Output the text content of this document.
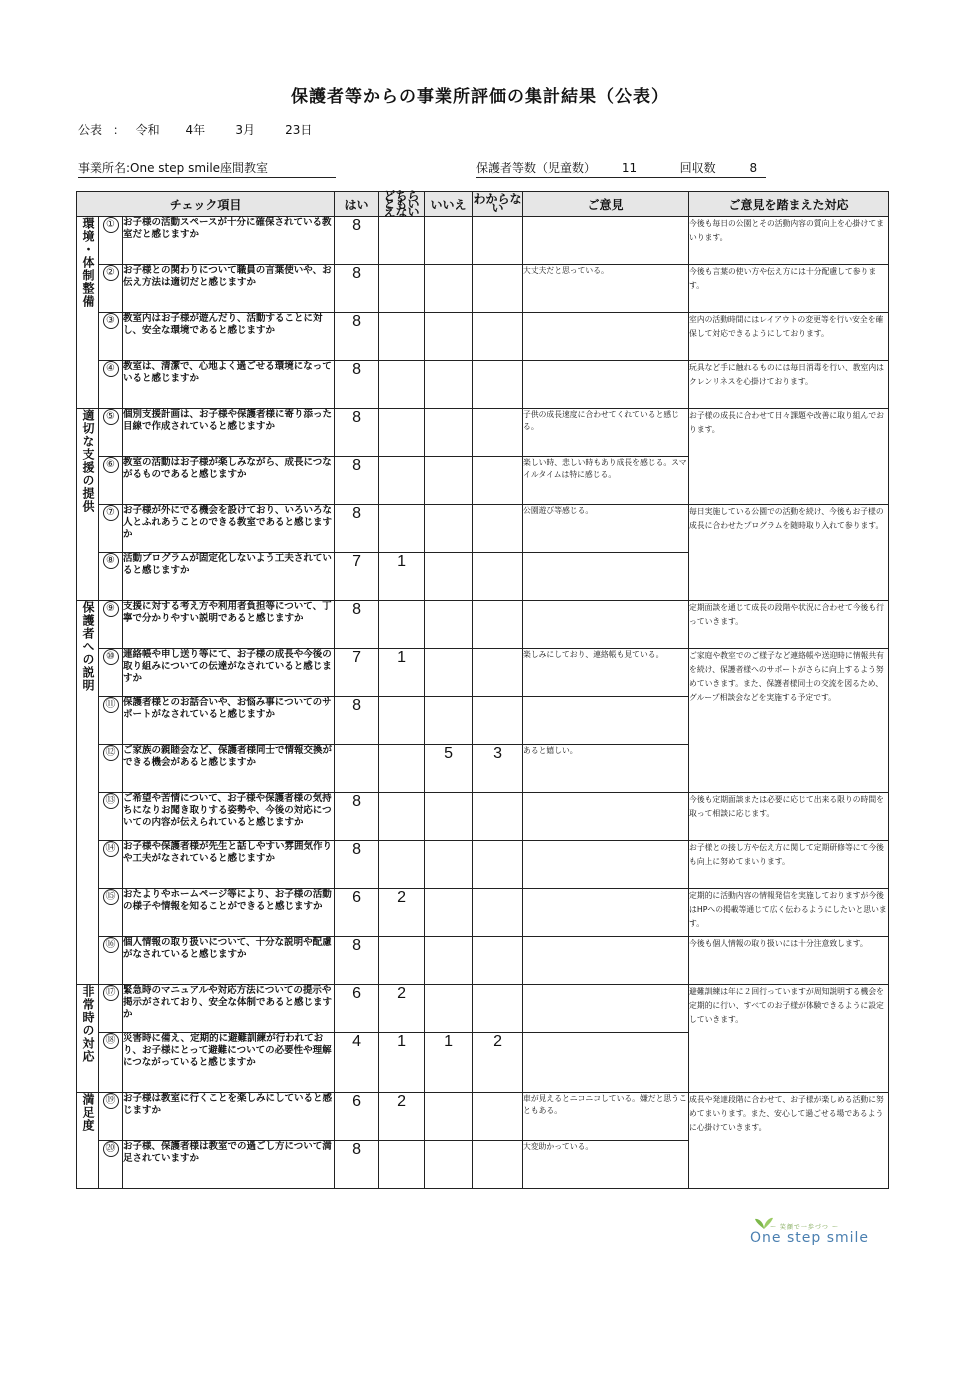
保護者等からの事業所評価の集計結果（公表）
公表 ： 令和 4年	3月	23日
事業所名:One step smile座間教室	保護者等数（児童数） 11	回収数	8
チェック項目			はい	どちらともいえない	いいえ	わからない	ご意見	ご意見を踏まえた対応
環境・体制整備	①	お子様の活動スペースが十分に確保されている教室だと感じますか	8					今後も毎日の公園とその活動内容の質向上を心掛けてまいります。
	②	お子様との関わりについて職員の言葉使いや、お伝え方法は適切だと感じますか	8				大丈夫だと思っている。	今後も言葉の使い方や伝え方には十分配慮して参ります。
	③	教室内はお子様が遊んだり、活動することに対し、安全な環境であると感じますか	8					室内の活動時間にはレイアウトの変更等を行い安全を確保して対応できるようにしております。
	④	教室は、清潔で、心地よく過ごせる環境になっていると感じますか	8					玩具など手に触れるものには毎日消毒を行い、教室内はクレンリネスを心掛けております。
適切な支援の提供	⑤	個別支援計画は、お子様や保護者様に寄り添った目線で作成されていると感じますか	8				子供の成長速度に合わせてくれていると感じる。	お子様の成長に合わせて日々課題や改善に取り組んでおります。
	⑥	教室の活動はお子様が楽しみながら、成長につながるものであると感じますか	8				楽しい時、悲しい時もあり成長を感じる。スマイルタイムは特に感じる。	
	⑦	お子様が外にでる機会を設けており、いろいろな人とふれあうことのできる教室であると感じますか	8				公園遊び等感じる。	毎日実施している公園での活動を続け、今後もお子様の成長に合わせたプログラムを随時取り入れて参ります。
	⑧	活動プログラムが固定化しないよう工夫されていると感じますか	7	1				
保護者への説明	⑨	支援に対する考え方や利用者負担等について、丁寧で分かりやすい説明であると感じますか	8					定期面談を通じて成長の段階や状況に合わせて今後も行っていきます。
	⑩	連絡帳や申し送り等にて、お子様の成長や今後の取り組みについての伝達がなされていると感じますか	7	1			楽しみにしており、連絡帳も見ている。	ご家庭や教室でのご様子など連絡帳や送迎時に情報共有を続け、保護者様へのサポートがさらに向上するよう努めていきます。また、保護者様同士の交流を図るため、グループ相談会などを実施する予定です。
	⑪	保護者様とのお話合いや、お悩み事についてのサポートがなされていると感じますか	8					
	⑫	ご家族の親睦会など、保護者様同士で情報交換ができる機会があると感じますか			5	3	あると嬉しい。	
	⑬	ご希望や苦情について、お子様や保護者様の気持ちになりお聞き取りする姿勢や、今後の対応についての内容が伝えられていると感じますか	8					今後も定期面談または必要に応じて出来る限りの時間を取って相談に応じます。
	⑭	お子様や保護者様が先生と話しやすい雰囲気作りや工夫がなされていると感じますか	8					お子様との接し方や伝え方に関して定期研修等にて今後も向上に努めてまいります。
	⑮	おたよりやホームページ等により、お子様の活動の様子や情報を知ることができると感じますか	6	2				定期的に活動内容の情報発信を実施しておりますが今後はHPへの掲載等通じて広く伝わるようにしたいと思います。
	⑯	個人情報の取り扱いについて、十分な説明や配慮がなされていると感じますか	8					今後も個人情報の取り扱いには十分注意致します。
非常時の対応	⑰	緊急時のマニュアルや対応方法についての提示や掲示がされており、安全な体制であると感じますか	6	2				避難訓練は年に２回行っていますが周知説明する機会を定期的に行い、すべてのお子様が体験できるように設定していきます。
	⑱	災害時に備え、定期的に避難訓練が行われており、お子様にとって避難についての必要性や理解につながっていると感じますか	4	1	1	2		
満足度	⑲	お子様は教室に行くことを楽しみにしていると感じますか	6	2			車が見えるとニコニコしている。嫌だと思うこともある。	成長や発達段階に合わせて、お子様が楽しめる活動に努めてまいります。また、安心して過ごせる場であるように心掛けていきます。
	⑳	お子様、保護者様は教室での過ごし方について満足されていますか	8				大変助かっている。	
〜 笑顔で一歩づつ 〜
One step smile
